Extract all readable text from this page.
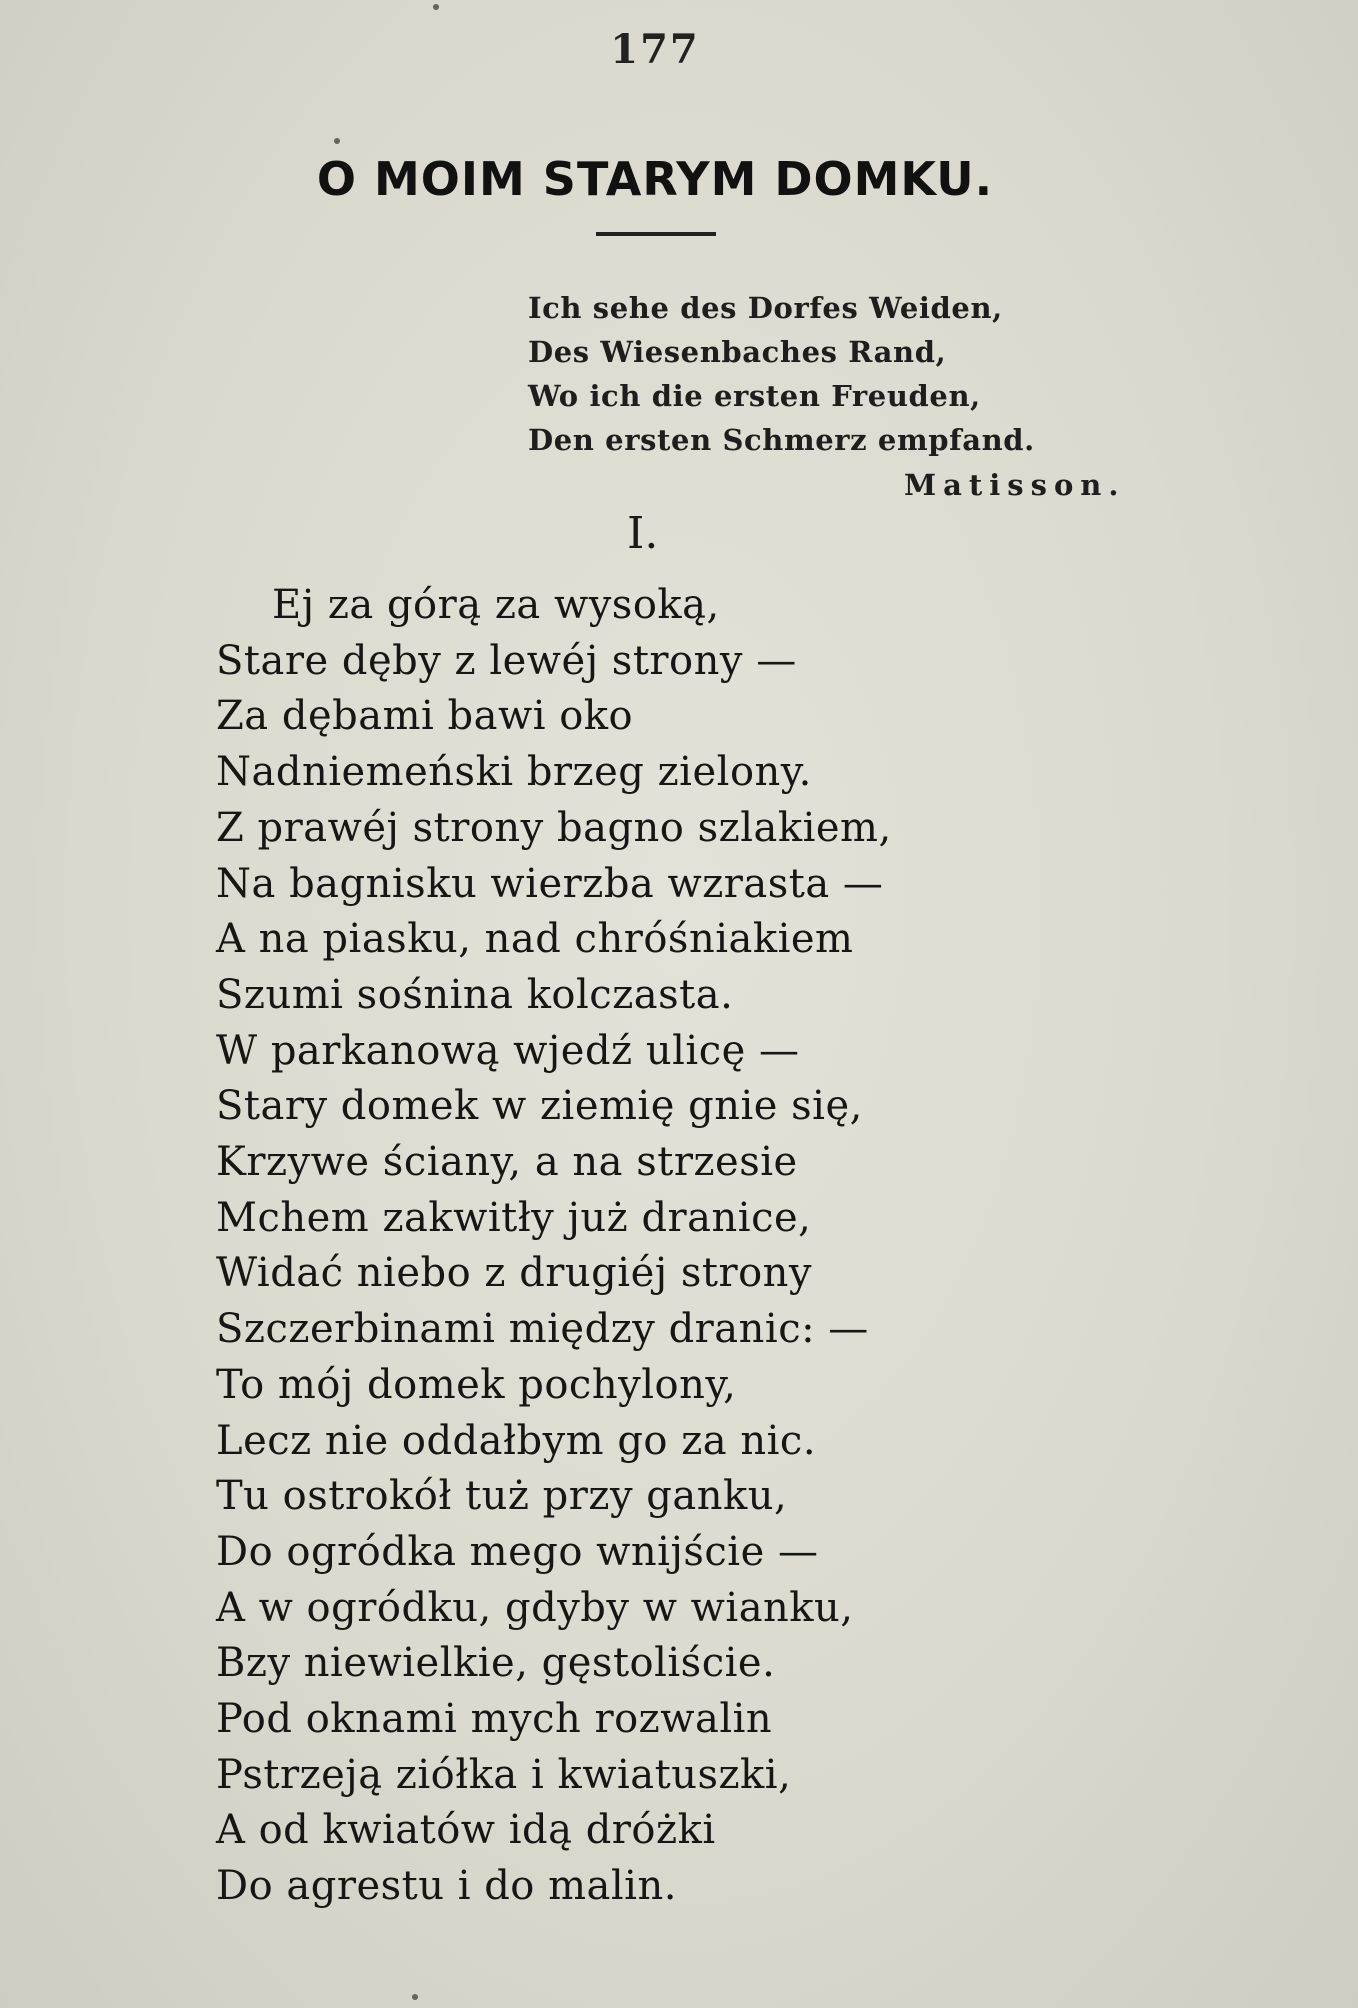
177
O MOIM STARYM DOMKU.
Ich sehe des Dorfes Weiden,
Des Wiesenbaches Rand,
Wo ich die ersten Freuden,
Den ersten Schmerz empfand.
Matisson.
I.
Ej za górą za wysoką,
Stare dęby z lewéj strony —
Za dębami bawi oko
Nadniemeński brzeg zielony.
Z prawéj strony bagno szlakiem,
Na bagnisku wierzba wzrasta —
A na piasku, nad chróśniakiem
Szumi sośnina kolczasta.
W parkanową wjedź ulicę —
Stary domek w ziemię gnie się,
Krzywe ściany, a na strzesie
Mchem zakwitły już dranice,
Widać niebo z drugiéj strony
Szczerbinami między dranic: —
To mój domek pochylony,
Lecz nie oddałbym go za nic.
Tu ostrokół tuż przy ganku,
Do ogródka mego wnijście —
A w ogródku, gdyby w wianku,
Bzy niewielkie, gęstoliście.
Pod oknami mych rozwalin
Pstrzeją ziółka i kwiatuszki,
A od kwiatów idą dróżki
Do agrestu i do malin.
